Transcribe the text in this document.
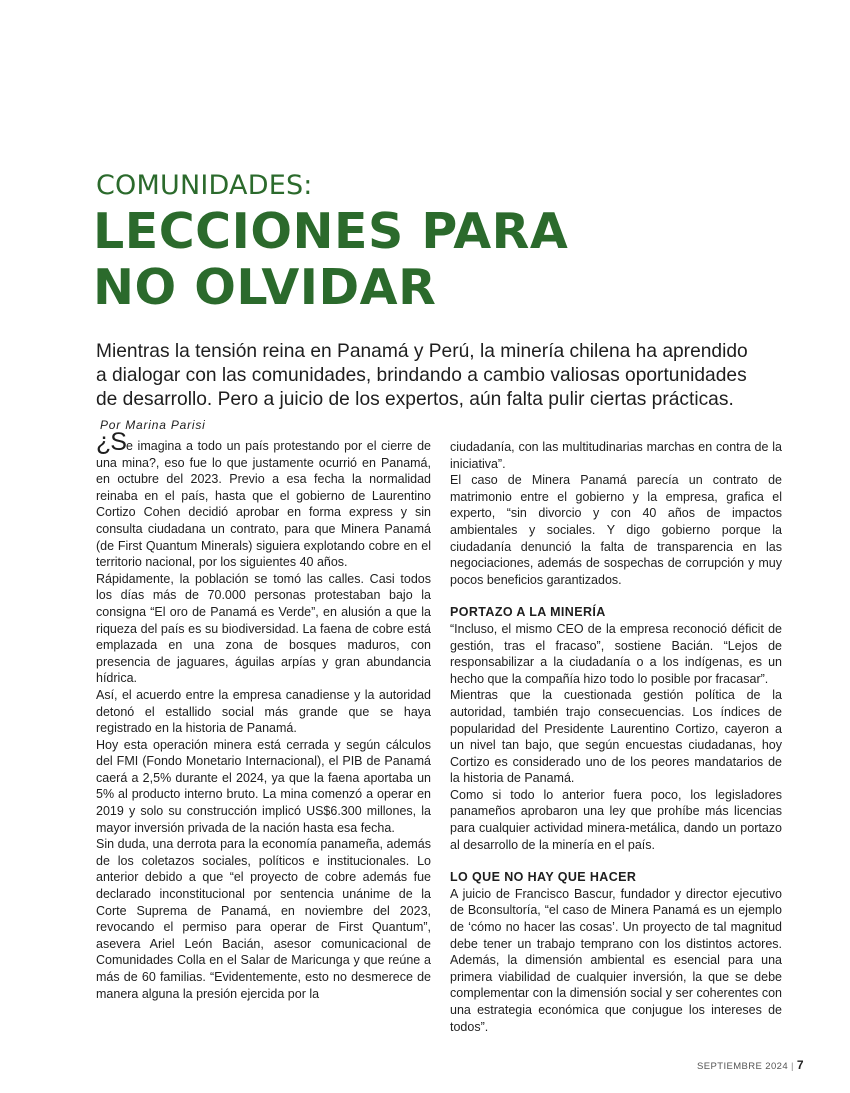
COMUNIDADES:
LECCIONES PARA
NO OLVIDAR

Mientras la tensión reina en Panamá y Perú, la minería chilena ha aprendido a dialogar con las comunidades, brindando a cambio valiosas oportunidades de desarrollo. Pero a juicio de los expertos, aún falta pulir ciertas prácticas. Por Marina Parisi

¿Se imagina a todo un país protestando por el cierre de una mina?, eso fue lo que justamente ocurrió en Panamá, en octubre del 2023. Previo a esa fecha la normalidad reinaba en el país, hasta que el gobierno de Laurentino Cortizo Cohen decidió aprobar en forma express y sin consulta ciudadana un contrato, para que Minera Panamá (de First Quantum Minerals) siguiera explotando cobre en el territorio nacional, por los siguientes 40 años.

Rápidamente, la población se tomó las calles. Casi todos los días más de 70.000 personas protestaban bajo la consigna “El oro de Panamá es Verde”, en alusión a que la riqueza del país es su biodiversidad. La faena de cobre está emplazada en una zona de bosques maduros, con presencia de jaguares, águilas arpías y gran abundancia hídrica.

Así, el acuerdo entre la empresa canadiense y la autoridad detonó el estallido social más grande que se haya registrado en la historia de Panamá.

Hoy esta operación minera está cerrada y según cálculos del FMI (Fondo Monetario Internacional), el PIB de Panamá caerá a 2,5% durante el 2024, ya que la faena aportaba un 5% al producto interno bruto. La mina comenzó a operar en 2019 y solo su construcción implicó US$6.300 millones, la mayor inversión privada de la nación hasta esa fecha.

Sin duda, una derrota para la economía panameña, además de los coletazos sociales, políticos e institucionales. Lo anterior debido a que “el proyecto de cobre además fue declarado inconstitucional por sentencia unánime de la Corte Suprema de Panamá, en noviembre del 2023, revocando el permiso para operar de First Quantum”, asevera Ariel León Bacián, asesor comunicacional de Comunidades Colla en el Salar de Maricunga y que reúne a más de 60 familias. “Evidentemente, esto no desmerece de manera alguna la presión ejercida por la

ciudadanía, con las multitudinarias marchas en contra de la iniciativa”.

El caso de Minera Panamá parecía un contrato de matrimonio entre el gobierno y la empresa, grafica el experto, “sin divorcio y con 40 años de impactos ambientales y sociales. Y digo gobierno porque la ciudadanía denunció la falta de transparencia en las negociaciones, además de sospechas de corrupción y muy pocos beneficios garantizados.

PORTAZO A LA MINERÍA

“Incluso, el mismo CEO de la empresa reconoció déficit de gestión, tras el fracaso”, sostiene Bacián. “Lejos de responsabilizar a la ciudadanía o a los indígenas, es un hecho que la compañía hizo todo lo posible por fracasar”.

Mientras que la cuestionada gestión política de la autoridad, también trajo consecuencias. Los índices de popularidad del Presidente Laurentino Cortizo, cayeron a un nivel tan bajo, que según encuestas ciudadanas, hoy Cortizo es considerado uno de los peores mandatarios de la historia de Panamá.

Como si todo lo anterior fuera poco, los legisladores panameños aprobaron una ley que prohíbe más licencias para cualquier actividad minera-metálica, dando un portazo al desarrollo de la minería en el país.

LO QUE NO HAY QUE HACER

A juicio de Francisco Bascur, fundador y director ejecutivo de Bconsultoría, “el caso de Minera Panamá es un ejemplo de ‘cómo no hacer las cosas’. Un proyecto de tal magnitud debe tener un trabajo temprano con los distintos actores. Además, la dimensión ambiental es esencial para una primera viabilidad de cualquier inversión, la que se debe complementar con la dimensión social y ser coherentes con una estrategia económica que conjugue los intereses de todos”.

SEPTIEMBRE 2024 | 7
